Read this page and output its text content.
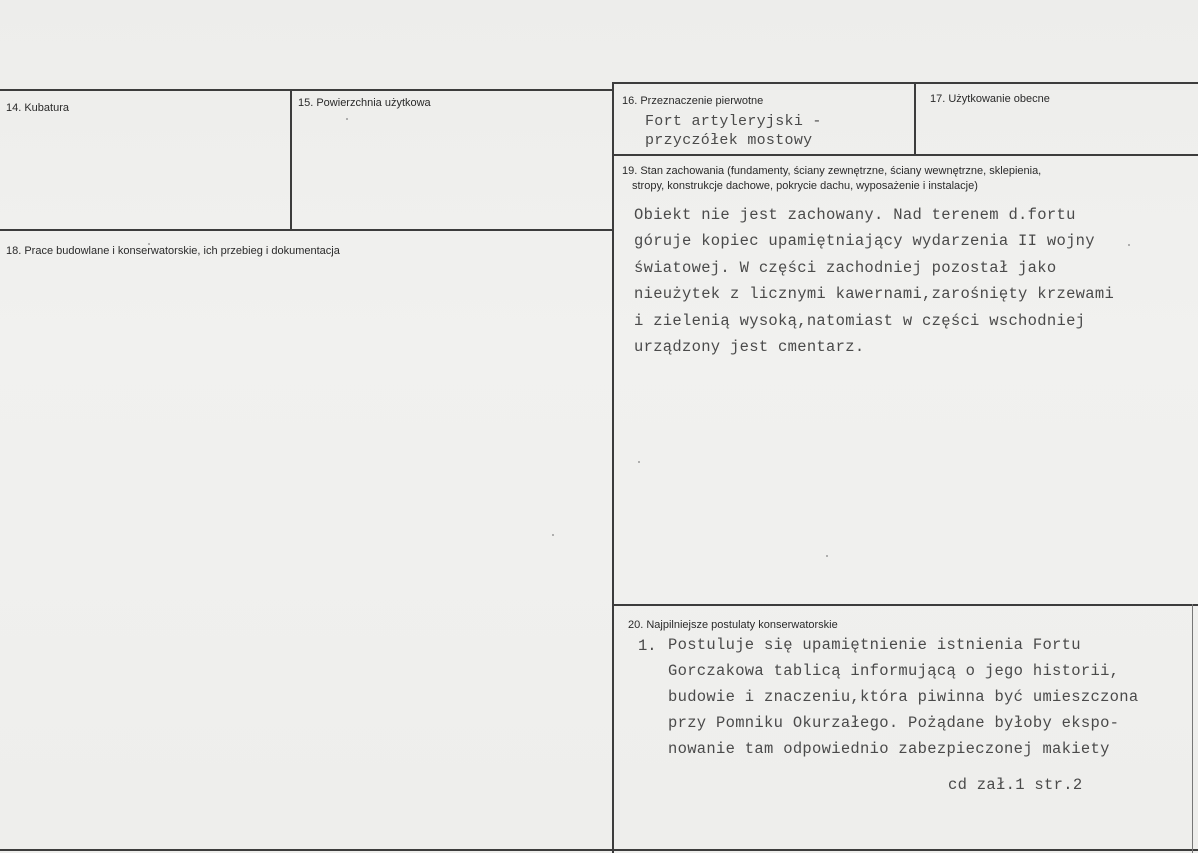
14. Kubatura	15. Powierzchnia użytkowa	16. Przeznaczenie pierwotne
Fort artyleryjski -
przyczółek mostowy
17. Użytkowanie obecne
18. Prace budowlane i konserwatorskie, ich przebieg i dokumentacja
19. Stan zachowania (fundamenty, ściany zewnętrzne, ściany wewnętrzne, sklepienia,
stropy, konstrukcje dachowe, pokrycie dachu, wyposażenie i instalacje)
Obiekt nie jest zachowany. Nad terenem d.fortu
góruje kopiec upamiętniający wydarzenia II wojny
światowej. W części zachodniej pozostał jako
nieużytek z licznymi kawernami,zarośnięty krzewami
i zielenią wysoką,natomiast w części wschodniej
urządzony jest cmentarz.
20. Najpilniejsze postulaty konserwatorskie
1. Postuluje się upamiętnienie istnienia Fortu
Gorczakowa tablicą informującą o jego historii,
budowie i znaczeniu,która piwinna być umieszczona
przy Pomniku Okurzałego. Pożądane byłoby ekspo-
nowanie tam odpowiednio zabezpieczonej makiety
cd zał.1 str.2
